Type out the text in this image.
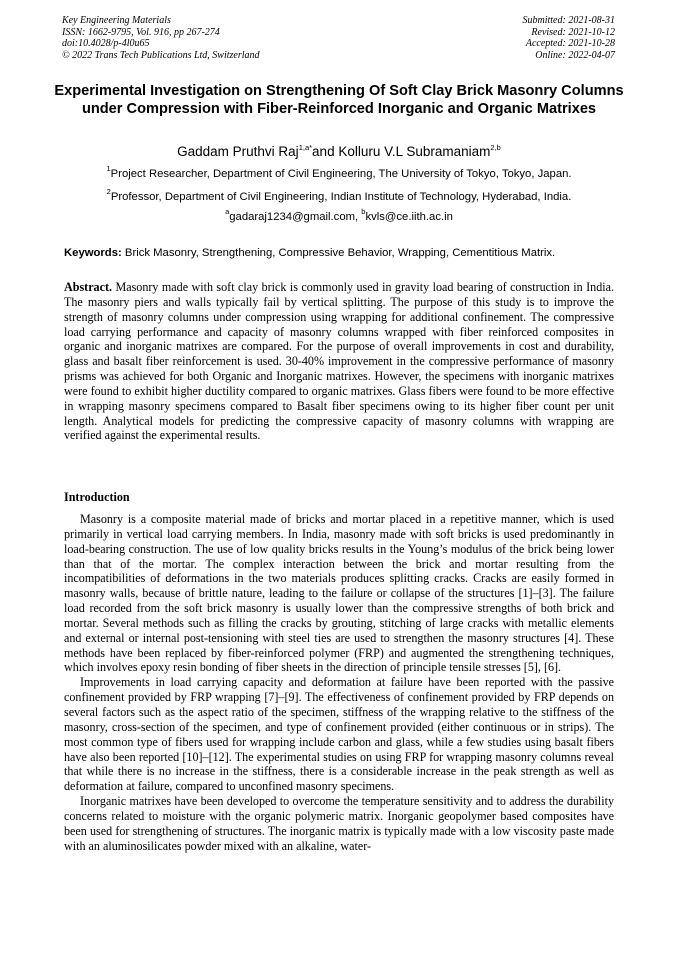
Key Engineering Materials
ISSN: 1662-9795, Vol. 916, pp 267-274
doi:10.4028/p-4l0u65
© 2022 Trans Tech Publications Ltd, Switzerland
Submitted: 2021-08-31
Revised: 2021-10-12
Accepted: 2021-10-28
Online: 2022-04-07
Experimental Investigation on Strengthening Of Soft Clay Brick Masonry Columns under Compression with Fiber-Reinforced Inorganic and Organic Matrixes
Gaddam Pruthvi Raj$^{1,a*}$and Kolluru V.L Subramaniam$^{2,b}$
$^1$Project Researcher, Department of Civil Engineering, The University of Tokyo, Tokyo, Japan.
$^2$Professor, Department of Civil Engineering, Indian Institute of Technology, Hyderabad, India.
$^a$gadaraj1234@gmail.com, $^b$kvls@ce.iith.ac.in
Keywords: Brick Masonry, Strengthening, Compressive Behavior, Wrapping, Cementitious Matrix.
Abstract. Masonry made with soft clay brick is commonly used in gravity load bearing of construction in India. The masonry piers and walls typically fail by vertical splitting. The purpose of this study is to improve the strength of masonry columns under compression using wrapping for additional confinement. The compressive load carrying performance and capacity of masonry columns wrapped with fiber reinforced composites in organic and inorganic matrixes are compared. For the purpose of overall improvements in cost and durability, glass and basalt fiber reinforcement is used. 30-40% improvement in the compressive performance of masonry prisms was achieved for both Organic and Inorganic matrixes. However, the specimens with inorganic matrixes were found to exhibit higher ductility compared to organic matrixes. Glass fibers were found to be more effective in wrapping masonry specimens compared to Basalt fiber specimens owing to its higher fiber count per unit length. Analytical models for predicting the compressive capacity of masonry columns with wrapping are verified against the experimental results.
Introduction

Masonry is a composite material made of bricks and mortar placed in a repetitive manner, which is used primarily in vertical load carrying members. In India, masonry made with soft bricks is used predominantly in load-bearing construction. The use of low quality bricks results in the Young’s modulus of the brick being lower than that of the mortar. The complex interaction between the brick and mortar resulting from the incompatibilities of deformations in the two materials produces splitting cracks. Cracks are easily formed in masonry walls, because of brittle nature, leading to the failure or collapse of the structures [1]–[3]. The failure load recorded from the soft brick masonry is usually lower than the compressive strengths of both brick and mortar. Several methods such as filling the cracks by grouting, stitching of large cracks with metallic elements and external or internal post-tensioning with steel ties are used to strengthen the masonry structures [4]. These methods have been replaced by fiber-reinforced polymer (FRP) and augmented the strengthening techniques, which involves epoxy resin bonding of fiber sheets in the direction of principle tensile stresses [5], [6].

Improvements in load carrying capacity and deformation at failure have been reported with the passive confinement provided by FRP wrapping [7]–[9]. The effectiveness of confinement provided by FRP depends on several factors such as the aspect ratio of the specimen, stiffness of the wrapping relative to the stiffness of the masonry, cross-section of the specimen, and type of confinement provided (either continuous or in strips). The most common type of fibers used for wrapping include carbon and glass, while a few studies using basalt fibers have also been reported [10]–[12]. The experimental studies on using FRP for wrapping masonry columns reveal that while there is no increase in the stiffness, there is a considerable increase in the peak strength as well as deformation at failure, compared to unconfined masonry specimens.

Inorganic matrixes have been developed to overcome the temperature sensitivity and to address the durability concerns related to moisture with the organic polymeric matrix. Inorganic geopolymer based composites have been used for strengthening of structures. The inorganic matrix is typically made with a low viscosity paste made with an aluminosilicates powder mixed with an alkaline, water-
